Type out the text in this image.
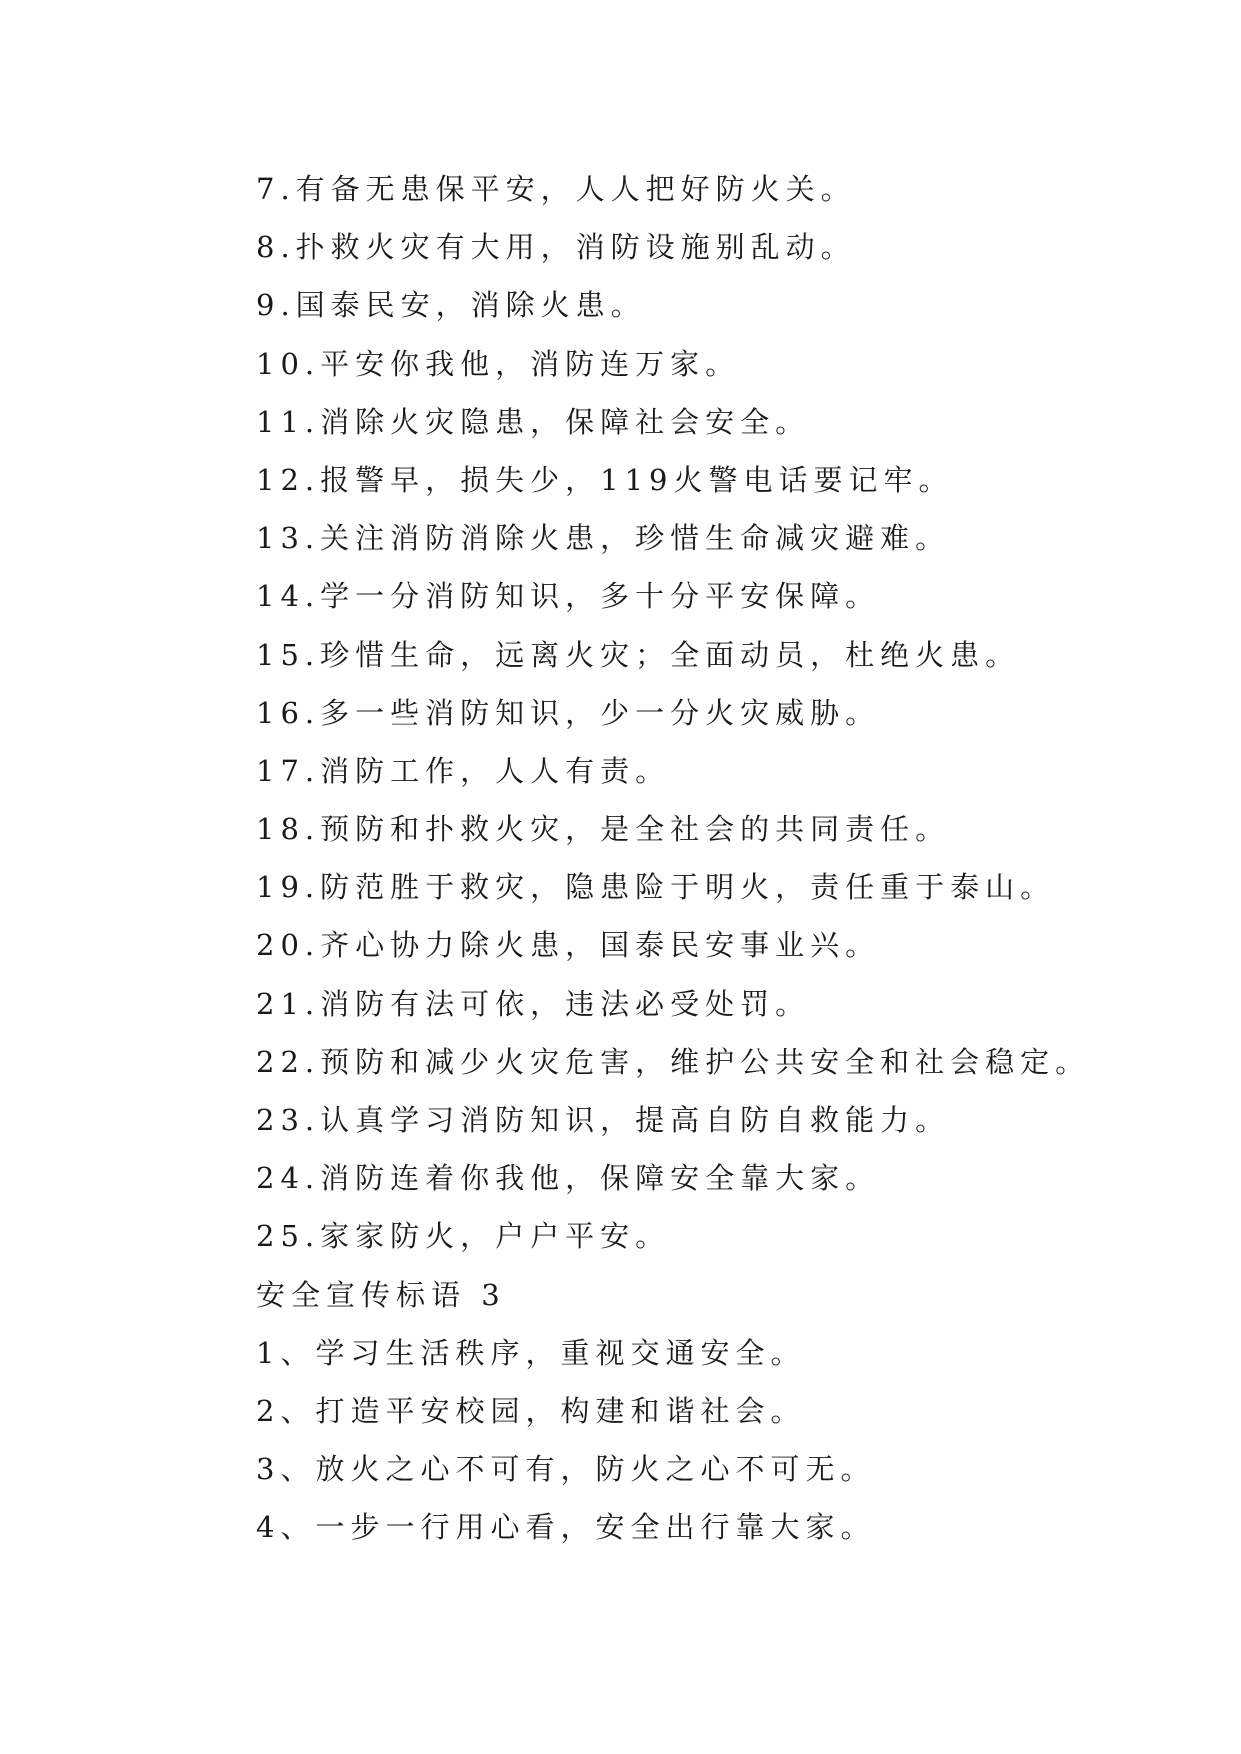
7.有备无患保平安，人人把好防火关。
8.扑救火灾有大用，消防设施别乱动。
9.国泰民安，消除火患。
10.平安你我他，消防连万家。
11.消除火灾隐患，保障社会安全。
12.报警早，损失少，119火警电话要记牢。
13.关注消防消除火患，珍惜生命减灾避难。
14.学一分消防知识，多十分平安保障。
15.珍惜生命，远离火灾；全面动员，杜绝火患。
16.多一些消防知识，少一分火灾威胁。
17.消防工作，人人有责。
18.预防和扑救火灾，是全社会的共同责任。
19.防范胜于救灾，隐患险于明火，责任重于泰山。
20.齐心协力除火患，国泰民安事业兴。
21.消防有法可依，违法必受处罚。
22.预防和减少火灾危害，维护公共安全和社会稳定。
23.认真学习消防知识，提高自防自救能力。
24.消防连着你我他，保障安全靠大家。
25.家家防火，户户平安。
安全宣传标语 3
1、学习生活秩序，重视交通安全。
2、打造平安校园，构建和谐社会。
3、放火之心不可有，防火之心不可无。
4、一步一行用心看，安全出行靠大家。
